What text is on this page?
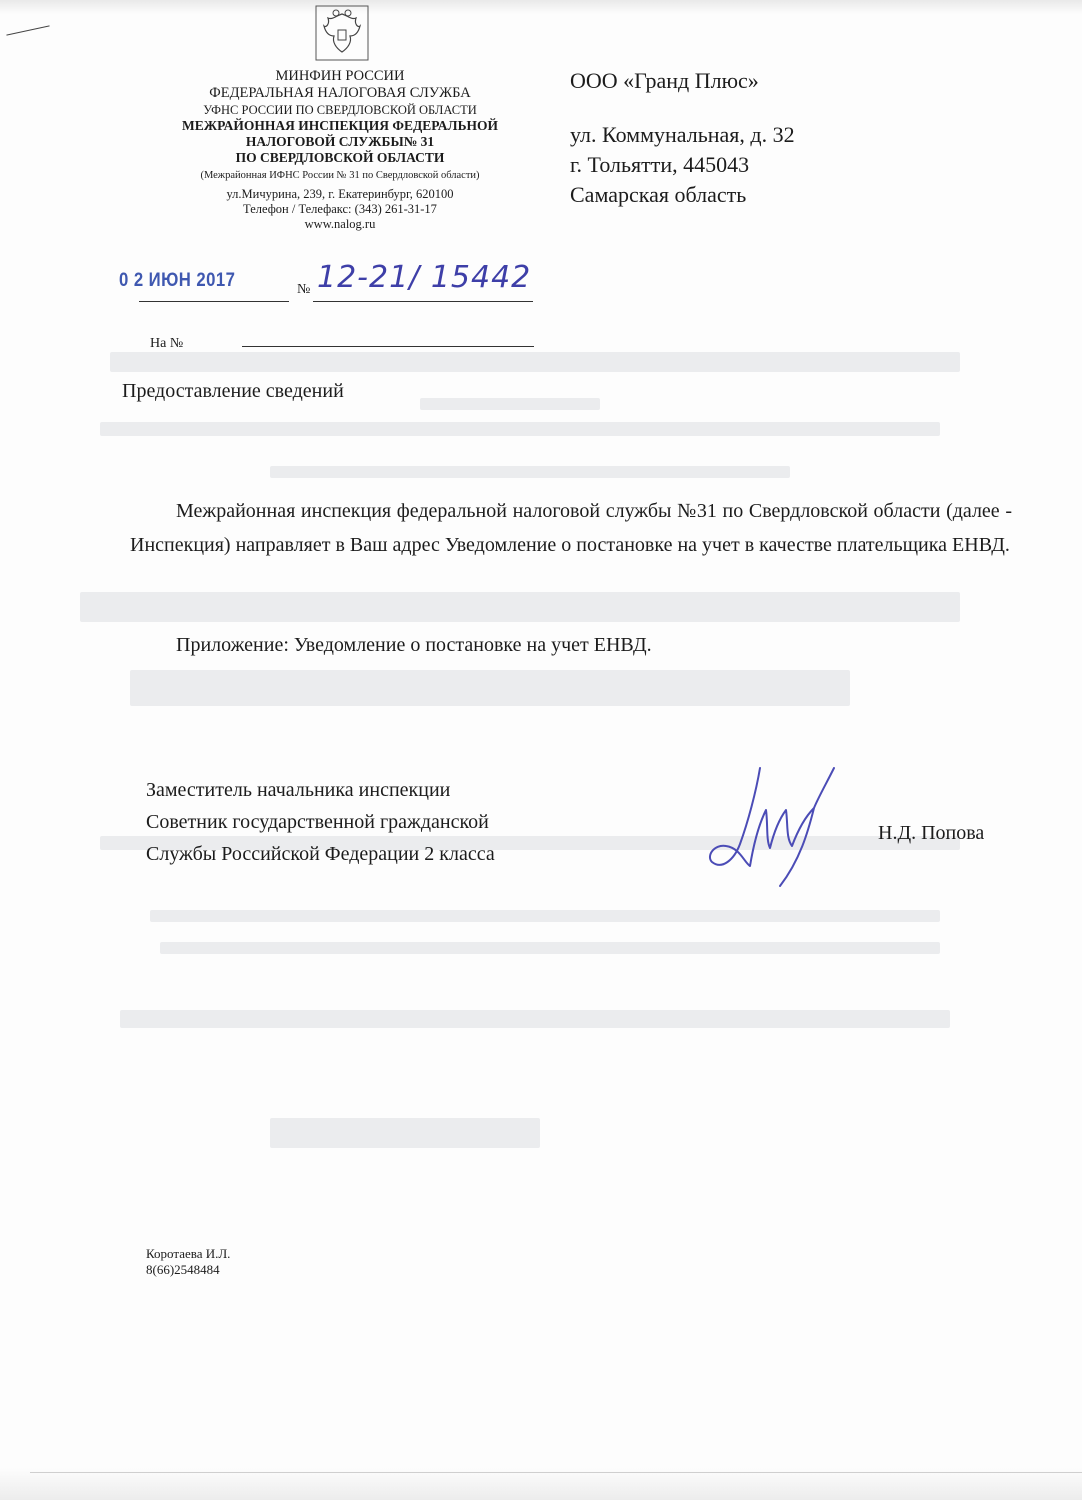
МИНФИН РОССИИ
ФЕДЕРАЛЬНАЯ НАЛОГОВАЯ СЛУЖБА
УФНС РОССИИ ПО СВЕРДЛОВСКОЙ ОБЛАСТИ
МЕЖРАЙОННАЯ ИНСПЕКЦИЯ ФЕДЕРАЛЬНОЙ
НАЛОГОВОЙ СЛУЖБЫ№ 31
ПО СВЕРДЛОВСКОЙ ОБЛАСТИ
(Межрайонная ИФНС России № 31 по Свердловской области)
ул.Мичурина, 239, г. Екатеринбург, 620100
Телефон / Телефакс: (343) 261-31-17
www.nalog.ru
0 2 ИЮН 2017	№ 12-21/ 15442
На №
ООО «Гранд Плюс»
ул. Коммунальная, д. 32
г. Тольятти, 445043
Самарская область
Предоставление сведений
Межрайонная инспекция федеральной налоговой службы №31 по Свердловской области (далее - Инспекция) направляет в Ваш адрес Уведомление о постановке на учет в качестве плательщика ЕНВД.
Приложение: Уведомление о постановке на учет ЕНВД.
Заместитель начальника инспекции
Советник государственной гражданской
Службы Российской Федерации 2 класса
Н.Д. Попова
Коротаева И.Л.
8(66)2548484
